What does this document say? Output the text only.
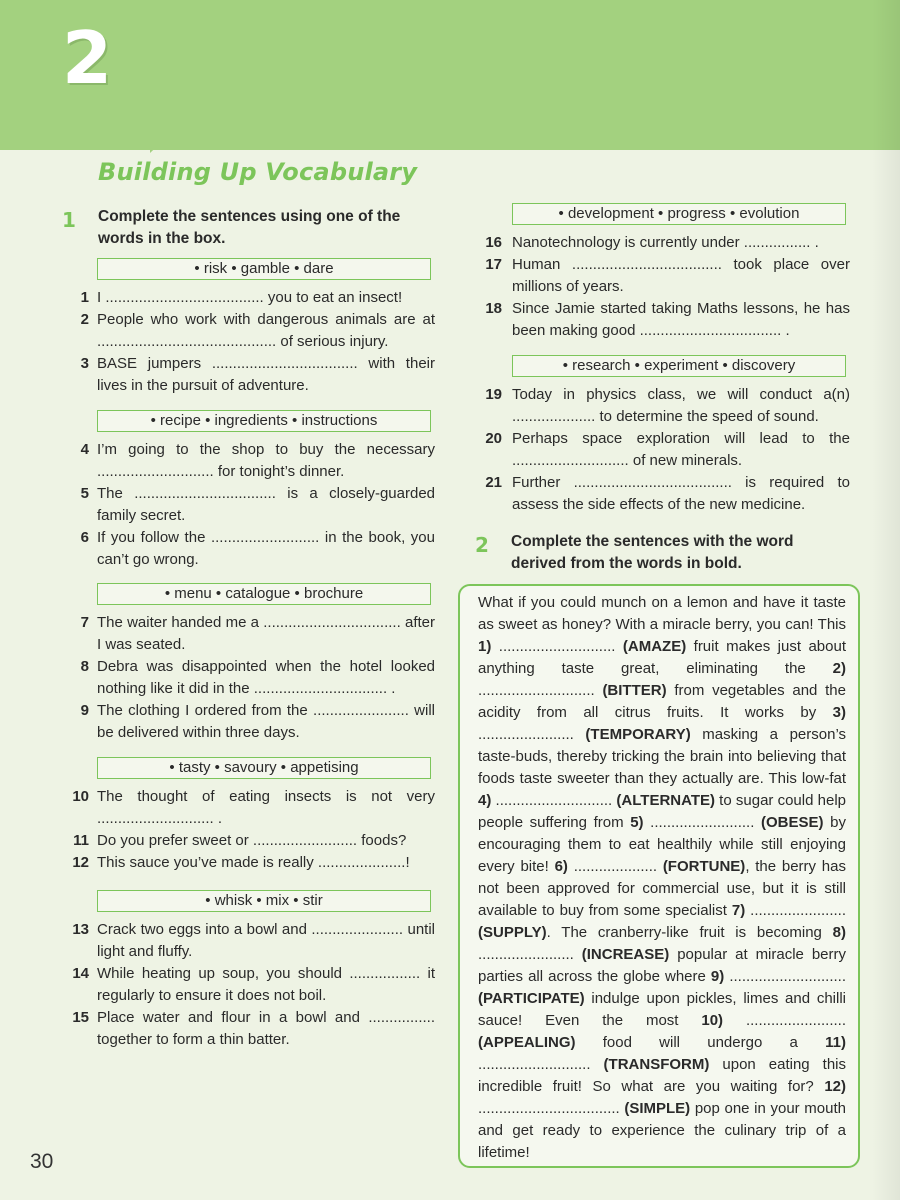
2
Building Up Vocabulary
1 Complete the sentences using one of the words in the box.
• risk • gamble • dare
1 I ...................................... you to eat an insect!
2 People who work with dangerous animals are at ........................................... of serious injury.
3 BASE jumpers ................................... with their lives in the pursuit of adventure.
• recipe • ingredients • instructions
4 I’m going to the shop to buy the necessary ............................ for tonight’s dinner.
5 The .................................. is a closely-guarded family secret.
6 If you follow the .......................... in the book, you can’t go wrong.
• menu • catalogue • brochure
7 The waiter handed me a ................................. after I was seated.
8 Debra was disappointed when the hotel looked nothing like it did in the ................................ .
9 The clothing I ordered from the ....................... will be delivered within three days.
• tasty • savoury • appetising
10 The thought of eating insects is not very ............................ .
11 Do you prefer sweet or ......................... foods?
12 This sauce you’ve made is really .....................!
• whisk • mix • stir
13 Crack two eggs into a bowl and ...................... until light and fluffy.
14 While heating up soup, you should ................. it regularly to ensure it does not boil.
15 Place water and flour in a bowl and ................ together to form a thin batter.
• development • progress • evolution
16 Nanotechnology is currently under ................ .
17 Human .................................... took place over millions of years.
18 Since Jamie started taking Maths lessons, he has been making good .................................. .
• research • experiment • discovery
19 Today in physics class, we will conduct a(n) .................... to determine the speed of sound.
20 Perhaps space exploration will lead to the ............................ of new minerals.
21 Further ...................................... is required to assess the side effects of the new medicine.
2 Complete the sentences with the word derived from the words in bold.
What if you could munch on a lemon and have it taste as sweet as honey? With a miracle berry, you can! This 1) ............................ (AMAZE) fruit makes just about anything taste great, eliminating the 2) ............................ (BITTER) from vegetables and the acidity from all citrus fruits. It works by 3) ....................... (TEMPORARY) masking a person’s taste-buds, thereby tricking the brain into believing that foods taste sweeter than they actually are. This low-fat 4) ............................ (ALTERNATE) to sugar could help people suffering from 5) ......................... (OBESE) by encouraging them to eat healthily while still enjoying every bite! 6) .................... (FORTUNE), the berry has not been approved for commercial use, but it is still available to buy from some specialist 7) ....................... (SUPPLY). The cranberry-like fruit is becoming 8) ....................... (INCREASE) popular at miracle berry parties all across the globe where 9) ............................ (PARTICIPATE) indulge upon pickles, limes and chilli sauce! Even the most 10) ........................ (APPEALING) food will undergo a 11) ........................... (TRANSFORM) upon eating this incredible fruit! So what are you waiting for? 12) .................................. (SIMPLE) pop one in your mouth and get ready to experience the culinary trip of a lifetime!
30
